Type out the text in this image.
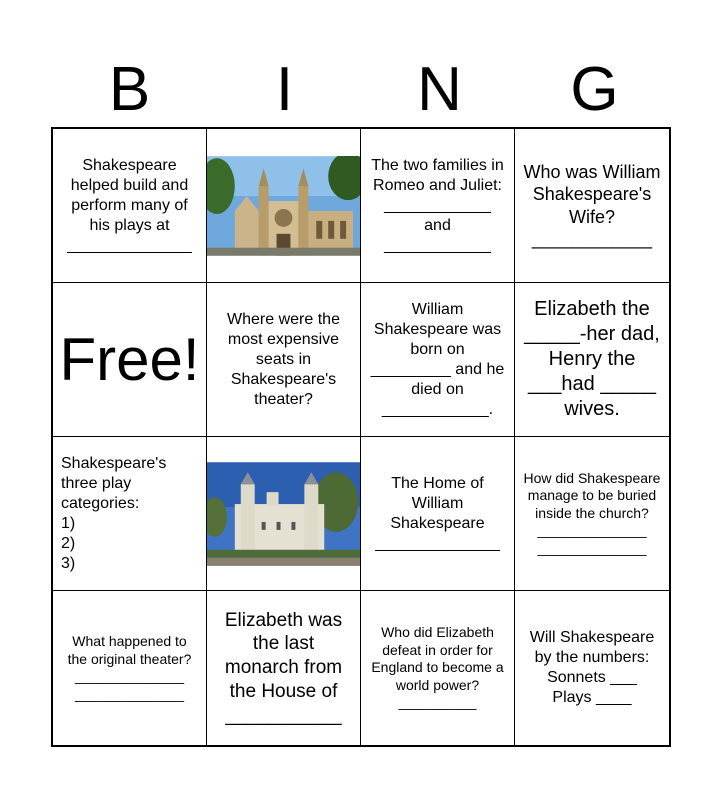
B	I	N	G
Shakespeare helped build and perform many of his plays at
______________
The two families in Romeo and Juliet:
____________
and
____________
Who was William Shakespeare's Wife?
____________
Free!
Where were the most expensive seats in Shakespeare's theater?
William Shakespeare was born on
_________ and he died on
____________.
Elizabeth the _____-her dad, Henry the ___had _____ wives.
Shakespeare's three play categories:
1)
2)
3)
The Home of William Shakespeare
______________
How did Shakespeare manage to be buried inside the church?
______________
______________
What happened to the original theater?
______________
______________
Elizabeth was the last monarch from the House of
___________
Who did Elizabeth defeat in order for England to become a world power?
__________
Will Shakespeare by the numbers:
Sonnets ___
Plays ____
